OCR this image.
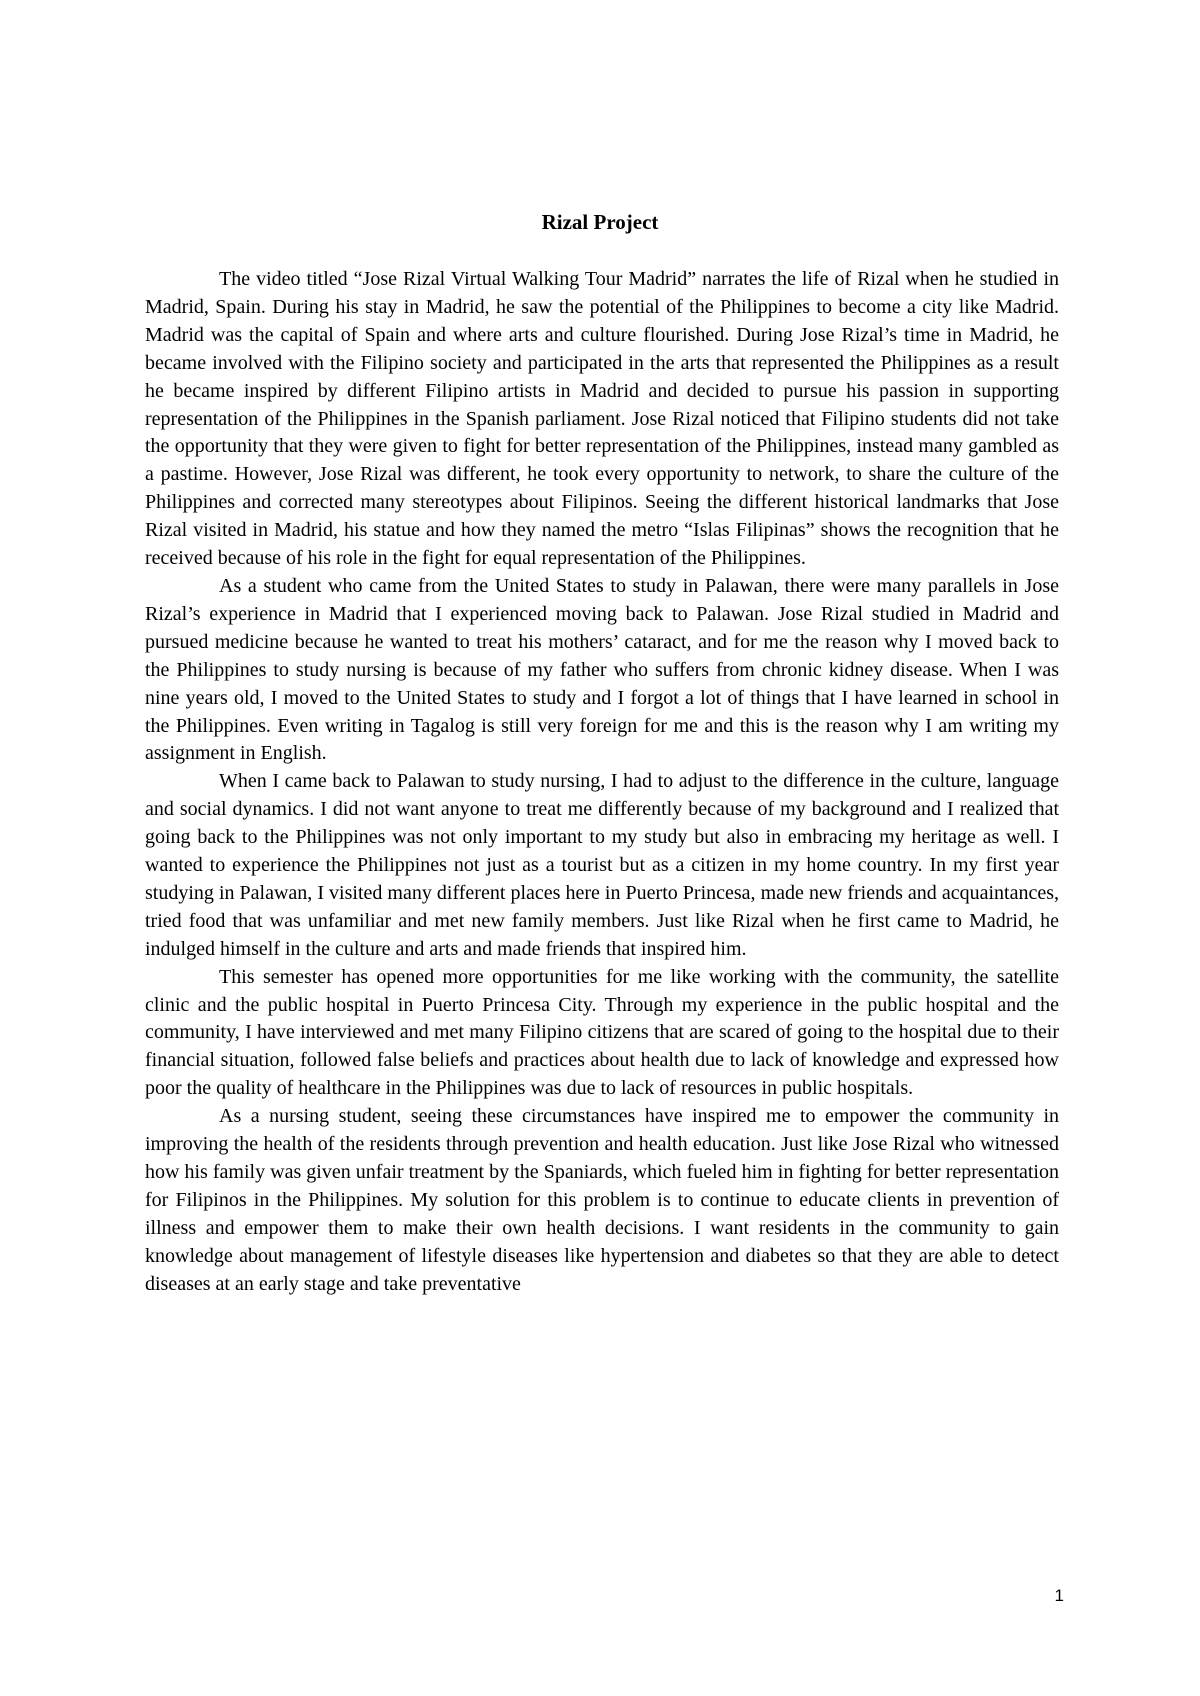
Rizal Project

The video titled “Jose Rizal Virtual Walking Tour Madrid” narrates the life of Rizal when he studied in Madrid, Spain. During his stay in Madrid, he saw the potential of the Philippines to become a city like Madrid. Madrid was the capital of Spain and where arts and culture flourished. During Jose Rizal’s time in Madrid, he became involved with the Filipino society and participated in the arts that represented the Philippines as a result he became inspired by different Filipino artists in Madrid and decided to pursue his passion in supporting representation of the Philippines in the Spanish parliament. Jose Rizal noticed that Filipino students did not take the opportunity that they were given to fight for better representation of the Philippines, instead many gambled as a pastime. However, Jose Rizal was different, he took every opportunity to network, to share the culture of the Philippines and corrected many stereotypes about Filipinos. Seeing the different historical landmarks that Jose Rizal visited in Madrid, his statue and how they named the metro “Islas Filipinas” shows the recognition that he received because of his role in the fight for equal representation of the Philippines.

As a student who came from the United States to study in Palawan, there were many parallels in Jose Rizal’s experience in Madrid that I experienced moving back to Palawan. Jose Rizal studied in Madrid and pursued medicine because he wanted to treat his mothers’ cataract, and for me the reason why I moved back to the Philippines to study nursing is because of my father who suffers from chronic kidney disease. When I was nine years old, I moved to the United States to study and I forgot a lot of things that I have learned in school in the Philippines. Even writing in Tagalog is still very foreign for me and this is the reason why I am writing my assignment in English.

When I came back to Palawan to study nursing, I had to adjust to the difference in the culture, language and social dynamics. I did not want anyone to treat me differently because of my background and I realized that going back to the Philippines was not only important to my study but also in embracing my heritage as well. I wanted to experience the Philippines not just as a tourist but as a citizen in my home country. In my first year studying in Palawan, I visited many different places here in Puerto Princesa, made new friends and acquaintances, tried food that was unfamiliar and met new family members. Just like Rizal when he first came to Madrid, he indulged himself in the culture and arts and made friends that inspired him.

This semester has opened more opportunities for me like working with the community, the satellite clinic and the public hospital in Puerto Princesa City. Through my experience in the public hospital and the community, I have interviewed and met many Filipino citizens that are scared of going to the hospital due to their financial situation, followed false beliefs and practices about health due to lack of knowledge and expressed how poor the quality of healthcare in the Philippines was due to lack of resources in public hospitals.

As a nursing student, seeing these circumstances have inspired me to empower the community in improving the health of the residents through prevention and health education. Just like Jose Rizal who witnessed how his family was given unfair treatment by the Spaniards, which fueled him in fighting for better representation for Filipinos in the Philippines. My solution for this problem is to continue to educate clients in prevention of illness and empower them to make their own health decisions. I want residents in the community to gain knowledge about management of lifestyle diseases like hypertension and diabetes so that they are able to detect diseases at an early stage and take preventative

1
